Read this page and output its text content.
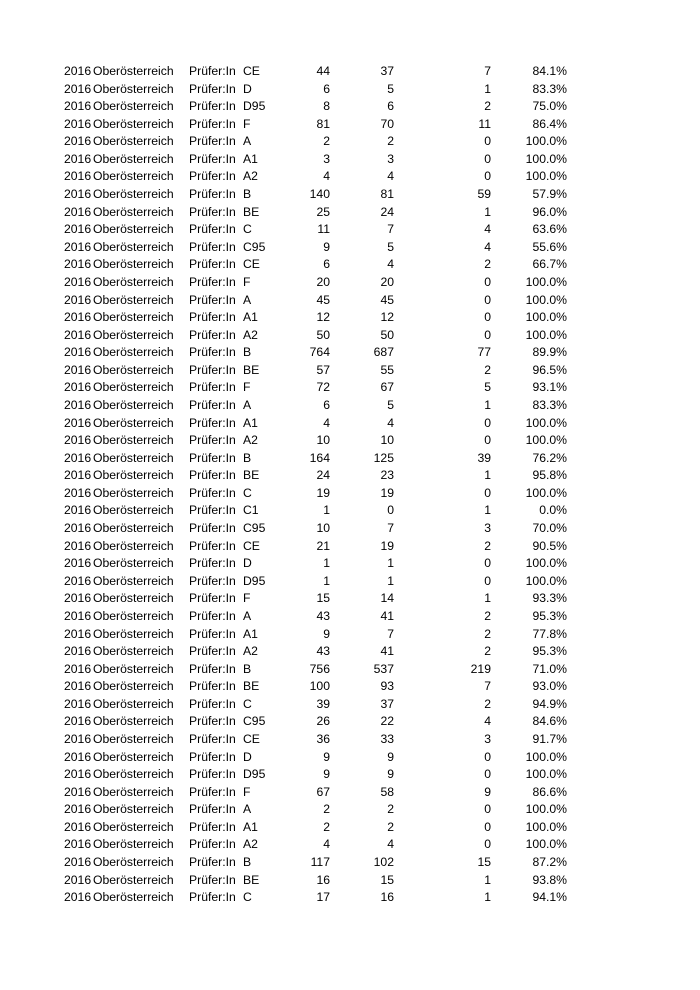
2016 Oberösterreich Prüfer:In CE	44	37	7	84.1%
2016 Oberösterreich Prüfer:In D	6	5	1	83.3%
2016 Oberösterreich Prüfer:In D95	8	6	2	75.0%
2016 Oberösterreich Prüfer:In F	81	70	11	86.4%
2016 Oberösterreich Prüfer:In A	2	2	0	100.0%
2016 Oberösterreich Prüfer:In A1	3	3	0	100.0%
2016 Oberösterreich Prüfer:In A2	4	4	0	100.0%
2016 Oberösterreich Prüfer:In B	140	81	59	57.9%
2016 Oberösterreich Prüfer:In BE	25	24	1	96.0%
2016 Oberösterreich Prüfer:In C	11	7	4	63.6%
2016 Oberösterreich Prüfer:In C95	9	5	4	55.6%
2016 Oberösterreich Prüfer:In CE	6	4	2	66.7%
2016 Oberösterreich Prüfer:In F	20	20	0	100.0%
2016 Oberösterreich Prüfer:In A	45	45	0	100.0%
2016 Oberösterreich Prüfer:In A1	12	12	0	100.0%
2016 Oberösterreich Prüfer:In A2	50	50	0	100.0%
2016 Oberösterreich Prüfer:In B	764	687	77	89.9%
2016 Oberösterreich Prüfer:In BE	57	55	2	96.5%
2016 Oberösterreich Prüfer:In F	72	67	5	93.1%
2016 Oberösterreich Prüfer:In A	6	5	1	83.3%
2016 Oberösterreich Prüfer:In A1	4	4	0	100.0%
2016 Oberösterreich Prüfer:In A2	10	10	0	100.0%
2016 Oberösterreich Prüfer:In B	164	125	39	76.2%
2016 Oberösterreich Prüfer:In BE	24	23	1	95.8%
2016 Oberösterreich Prüfer:In C	19	19	0	100.0%
2016 Oberösterreich Prüfer:In C1	1	0	1	0.0%
2016 Oberösterreich Prüfer:In C95	10	7	3	70.0%
2016 Oberösterreich Prüfer:In CE	21	19	2	90.5%
2016 Oberösterreich Prüfer:In D	1	1	0	100.0%
2016 Oberösterreich Prüfer:In D95	1	1	0	100.0%
2016 Oberösterreich Prüfer:In F	15	14	1	93.3%
2016 Oberösterreich Prüfer:In A	43	41	2	95.3%
2016 Oberösterreich Prüfer:In A1	9	7	2	77.8%
2016 Oberösterreich Prüfer:In A2	43	41	2	95.3%
2016 Oberösterreich Prüfer:In B	756	537	219	71.0%
2016 Oberösterreich Prüfer:In BE	100	93	7	93.0%
2016 Oberösterreich Prüfer:In C	39	37	2	94.9%
2016 Oberösterreich Prüfer:In C95	26	22	4	84.6%
2016 Oberösterreich Prüfer:In CE	36	33	3	91.7%
2016 Oberösterreich Prüfer:In D	9	9	0	100.0%
2016 Oberösterreich Prüfer:In D95	9	9	0	100.0%
2016 Oberösterreich Prüfer:In F	67	58	9	86.6%
2016 Oberösterreich Prüfer:In A	2	2	0	100.0%
2016 Oberösterreich Prüfer:In A1	2	2	0	100.0%
2016 Oberösterreich Prüfer:In A2	4	4	0	100.0%
2016 Oberösterreich Prüfer:In B	117	102	15	87.2%
2016 Oberösterreich Prüfer:In BE	16	15	1	93.8%
2016 Oberösterreich Prüfer:In C	17	16	1	94.1%
